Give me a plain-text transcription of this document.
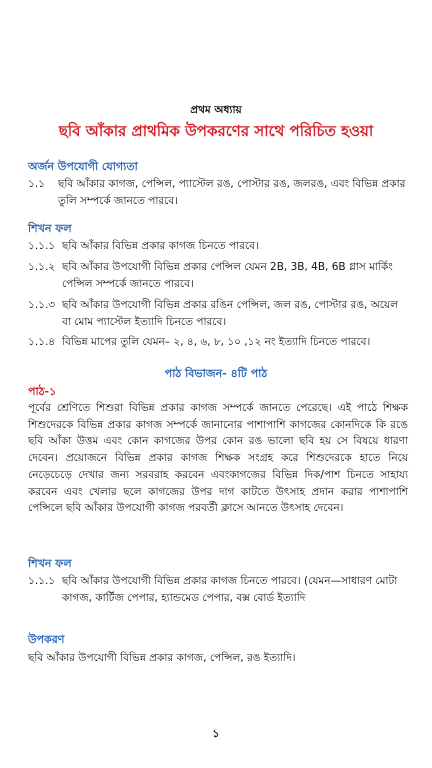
প্রথম অধ্যায়
ছবি আঁকার প্রাথমিক উপকরণের সাথে পরিচিত হওয়া
অর্জন উপযোগী যোগ্যতা
১.১	ছবি আঁকার কাগজ, পেন্সিল, প্যাস্টেল রঙ, পোস্টার রঙ, জলরঙ, এবং বিভিন্ন প্রকার তুলি সম্পর্কে জানতে পারবে।
শিখন ফল
১.১.১ ছবি আঁকার বিভিন্ন প্রকার কাগজ চিনতে পারবে।
১.১.২ ছবি আঁকার উপযোগী বিভিন্ন প্রকার পেন্সিল যেমন 2B, 3B, 4B, 6B গ্লাস মার্কিং পেন্সিল সম্পর্কে জানতে পারবে।
১.১.৩ ছবি আঁকার উপযোগী বিভিন্ন প্রকার রঙিন পেন্সিল, জল রঙ, পোস্টার রঙ, অয়েল বা মোম প্যাস্টেল ইত্যাদি চিনতে পারবে।
১.১.৪ বিভিন্ন মাপের তুলি যেমন– ২, ৪, ৬, ৮, ১০ ,১২ নং ইত্যাদি চিনতে পারবে।
পাঠ বিভাজন- ৪টি পাঠ
পাঠ-১
পূর্বের শ্রেণিতে শিশুরা বিভিন্ন প্রকার কাগজ সম্পর্কে জানতে পেরেছে। এই পাঠে শিক্ষক শিশুদেরকে বিভিন্ন প্রকার কাগজ সম্পর্কে জানানোর পাশাপাশি কাগজের কোনদিকে কি রঙে ছবি আঁকা উত্তম এবং কোন কাগজের উপর কোন রঙ ভালো ছবি হয় সে বিষয়ে ধারণা দেবেন। প্রয়োজনে বিভিন্ন প্রকার কাগজ শিক্ষক সংগ্রহ করে শিশুদেরকে হাতে নিয়ে নেড়েচেড়ে দেখার জন্য সরবরাহ করবেন এবংকাগজের বিভিন্ন দিক/পাশ চিনতে সাহায্য করবেন এবং খেলার ছলে কাগজের উপর দাগ কাটতে উৎসাহ প্রদান করার পাশাপাশি পেন্সিলে ছবি আঁকার উপযোগী কাগজ পরবর্তী ক্লাসে আনতে উৎসাহ দেবেন।
শিখন ফল
১.১.১ ছবি আঁকার উপযোগী বিভিন্ন প্রকার কাগজ চিনতে পারবে। (যেমন—সাধারণ মোটা কাগজ, কার্টিজ পেপার, হ্যান্ডমেড পেপার, বক্স বোর্ড ইত্যাদি
উপকরণ
ছবি আঁকার উপযোগী বিভিন্ন প্রকার কাগজ, পেন্সিল, রঙ ইত্যাদি।
১
